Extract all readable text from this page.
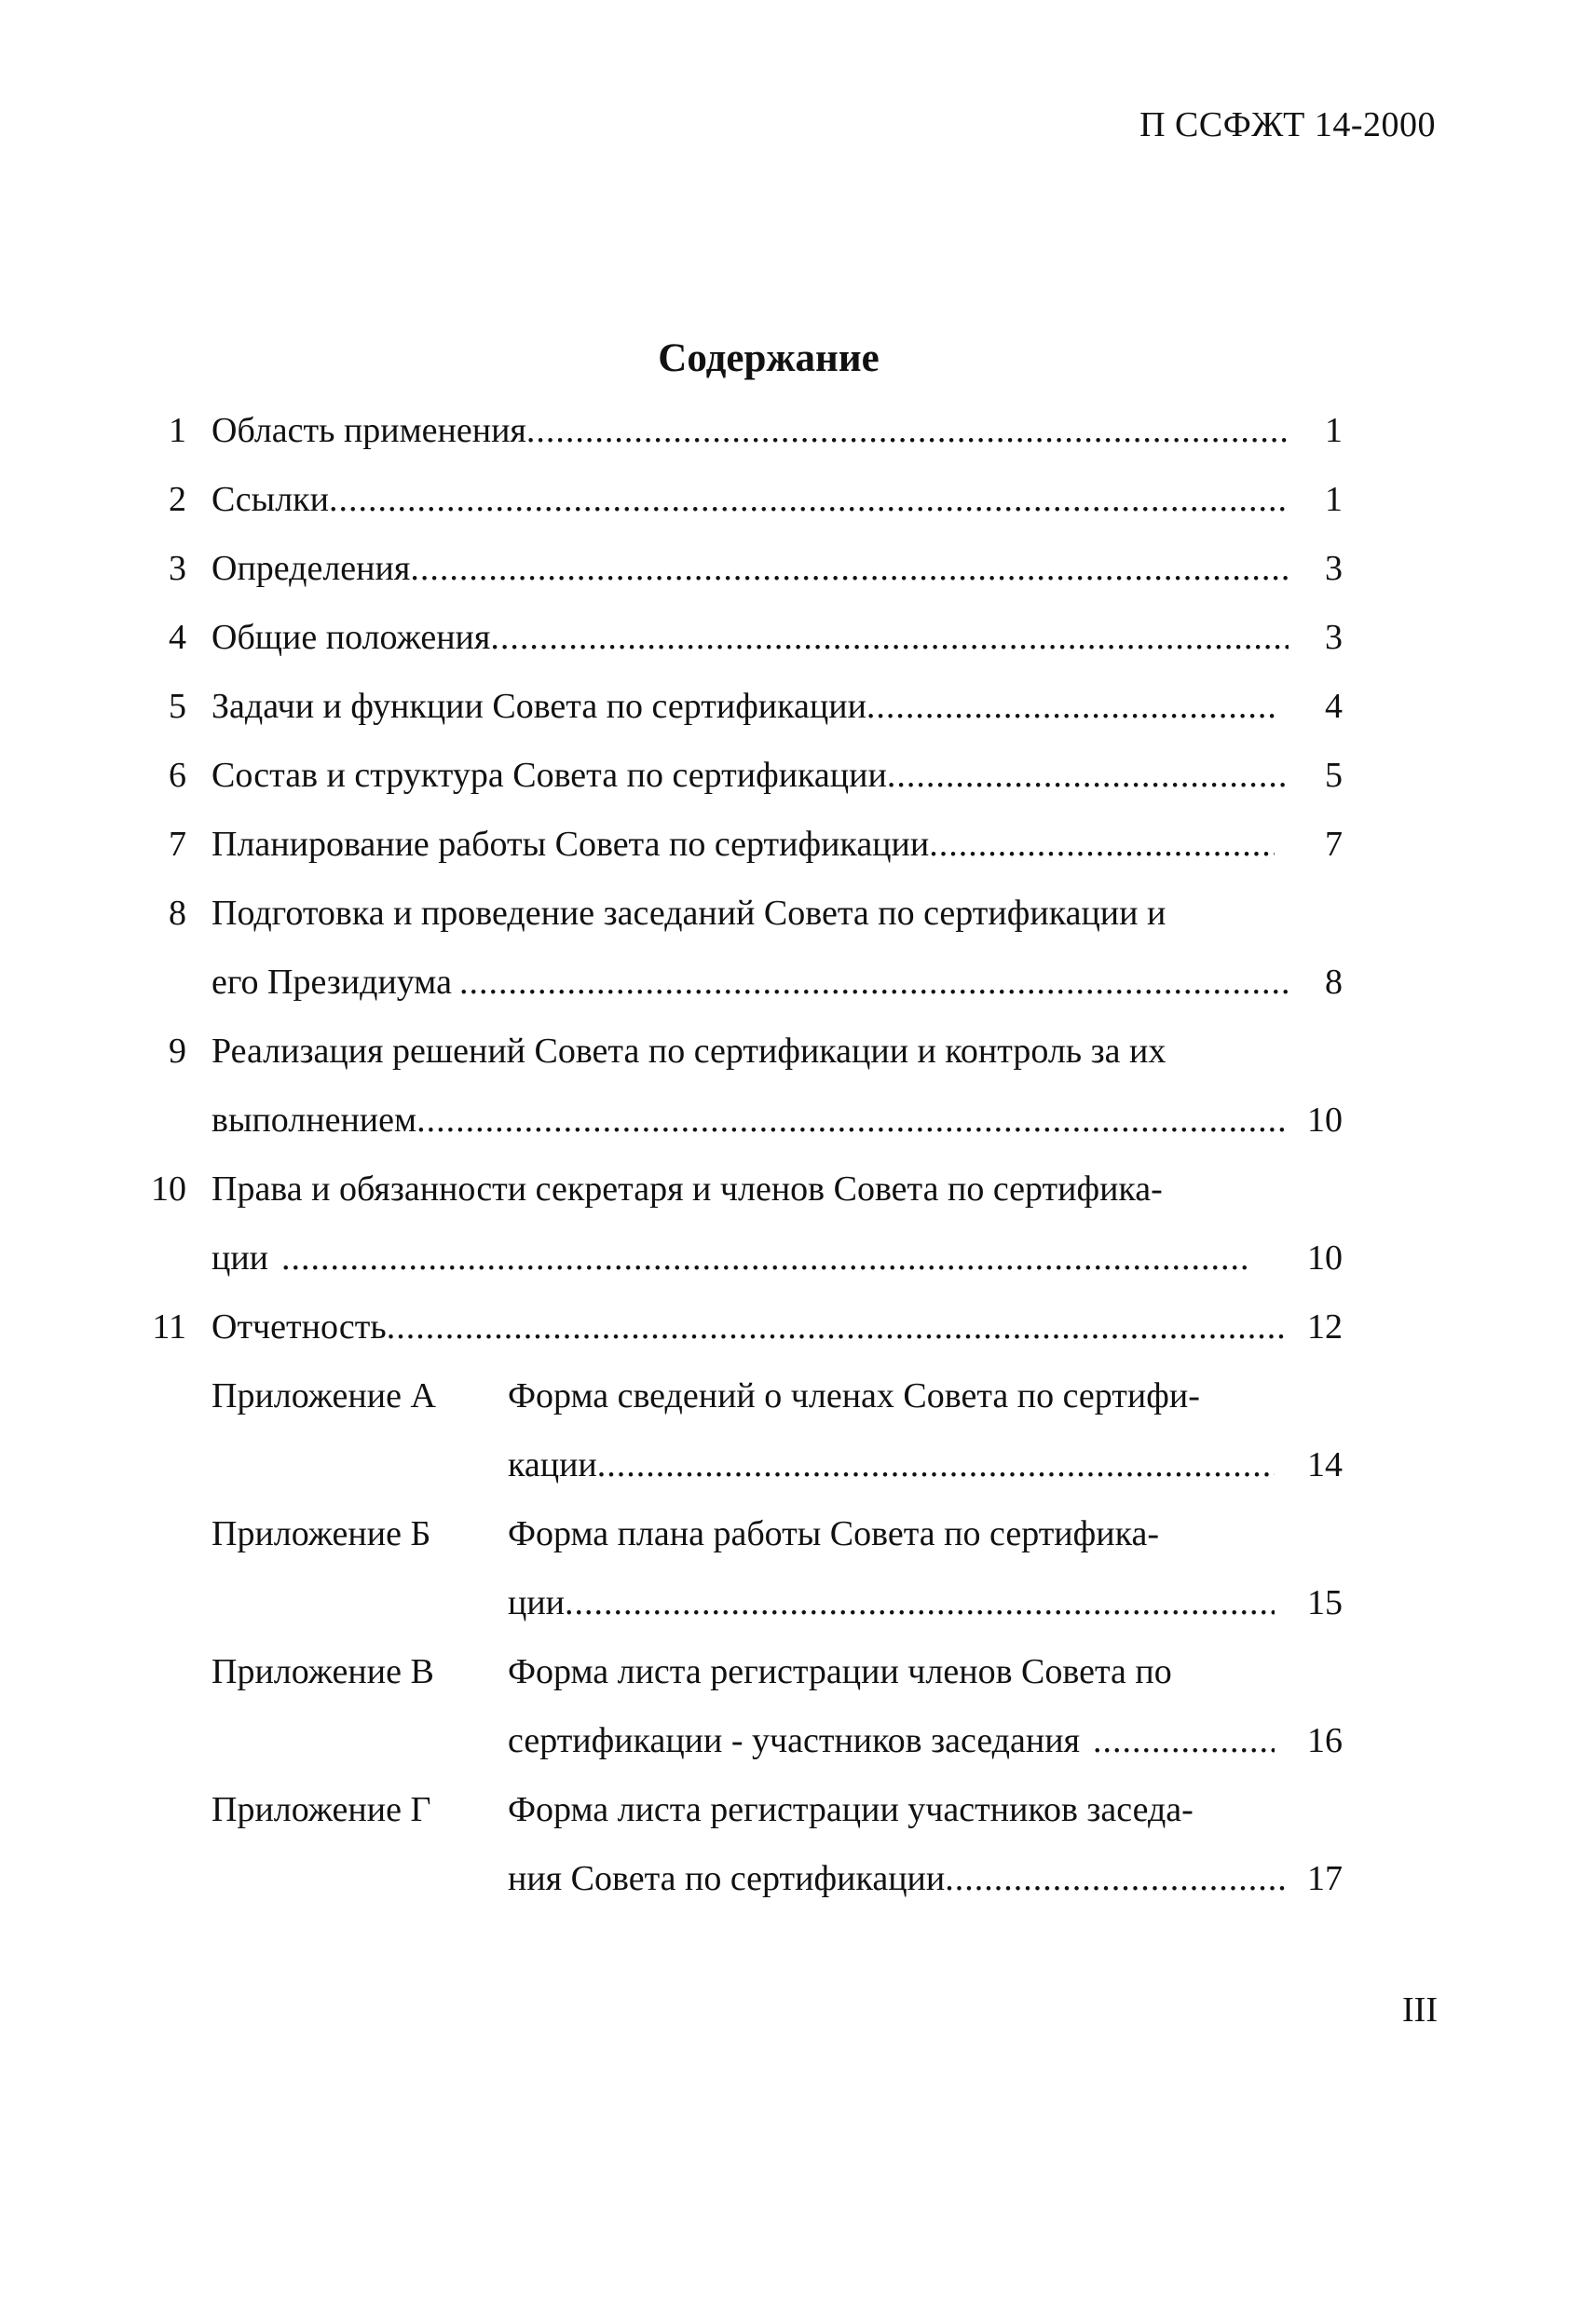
П ССФЖТ 14-2000
Содержание
1 Область применения .....	1
2 Ссылки .....	1
3 Определения .....	3
4 Общие положения .....	3
5 Задачи и функции Совета по сертификации .....	4
6 Состав и структура Совета по сертификации .....	5
7 Планирование работы Совета по сертификации .....	7
8 Подготовка и проведение заседаний Совета по сертификации и
его Президиума .....	8
9 Реализация решений Совета по сертификации и контроль за их
выполнением .....	10
10 Права и обязанности секретаря и членов Совета по сертифика-
ции .....	10
11 Отчетность .....	12
Приложение А Форма сведений о членах Совета по сертифи-
кации .....	14
Приложение Б Форма плана работы Совета по сертифика-
ции .....	15
Приложение В Форма листа регистрации членов Совета по
сертификации - участников заседания .....	16
Приложение Г Форма листа регистрации участников заседа-
ния Совета по сертификации .....	17
III
